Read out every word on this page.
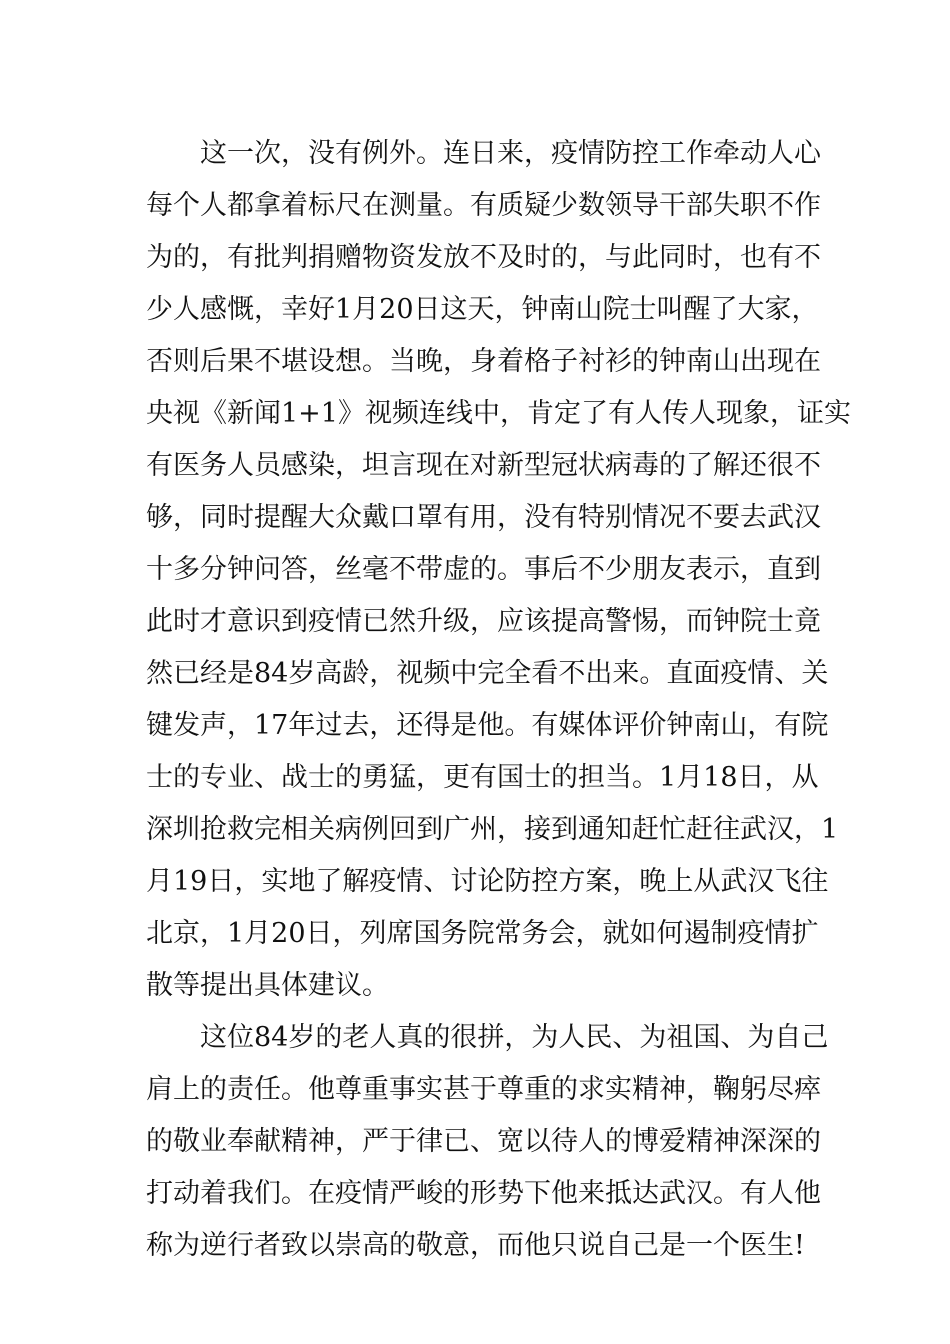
这一次，没有例外。连日来，疫情防控工作牵动人心
每个人都拿着标尺在测量。有质疑少数领导干部失职不作
为的，有批判捐赠物资发放不及时的，与此同时，也有不
少人感慨，幸好1月20日这天，钟南山院士叫醒了大家，
否则后果不堪设想。当晚，身着格子衬衫的钟南山出现在
央视《新闻1+1》视频连线中，肯定了有人传人现象，证实
有医务人员感染，坦言现在对新型冠状病毒的了解还很不
够，同时提醒大众戴口罩有用，没有特别情况不要去武汉
十多分钟问答，丝毫不带虚的。事后不少朋友表示，直到
此时才意识到疫情已然升级，应该提高警惕，而钟院士竟
然已经是84岁高龄，视频中完全看不出来。直面疫情、关
键发声，17年过去，还得是他。有媒体评价钟南山，有院
士的专业、战士的勇猛，更有国士的担当。1月18日，从
深圳抢救完相关病例回到广州，接到通知赶忙赶往武汉，1
月19日，实地了解疫情、讨论防控方案，晚上从武汉飞往
北京，1月20日，列席国务院常务会，就如何遏制疫情扩
散等提出具体建议。
这位84岁的老人真的很拼，为人民、为祖国、为自己
肩上的责任。他尊重事实甚于尊重的求实精神，鞠躬尽瘁
的敬业奉献精神，严于律已、宽以待人的博爱精神深深的
打动着我们。在疫情严峻的形势下他来抵达武汉。有人他
称为逆行者致以崇高的敬意，而他只说自己是一个医生!
